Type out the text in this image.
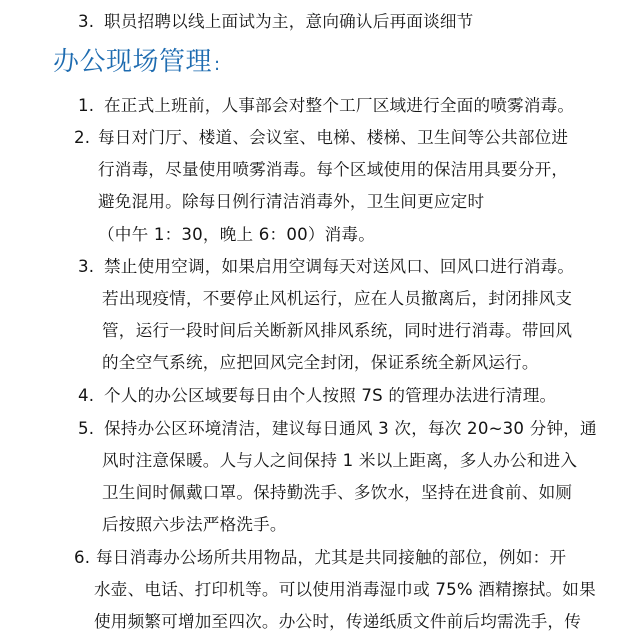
3. 职员招聘以线上面试为主，意向确认后再面谈细节
办公现场管理 :
1. 在正式上班前，人事部会对整个工厂区域进行全面的喷雾消毒。
2. 每日对门厅、楼道、会议室、电梯、楼梯、卫生间等公共部位进
行消毒，尽量使用喷雾消毒。每个区域使用的保洁用具要分开，
避免混用。除每日例行清洁消毒外，卫生间更应定时
（中午 1：30，晚上 6：00）消毒。
3. 禁止使用空调，如果启用空调每天对送风口、回风口进行消毒。
若出现疫情，不要停止风机运行，应在人员撤离后，封闭排风支
管，运行一段时间后关断新风排风系统，同时进行消毒。带回风
的全空气系统，应把回风完全封闭，保证系统全新风运行。
4. 个人的办公区域要每日由个人按照 7S 的管理办法进行清理。
5. 保持办公区环境清洁，建议每日通风 3 次，每次 20~30 分钟，通
风时注意保暖。人与人之间保持 1 米以上距离，多人办公和进入
卫生间时佩戴口罩。保持勤洗手、多饮水，坚持在进食前、如厕
后按照六步法严格洗手。
6. 每日消毒办公场所共用物品，尤其是共同接触的部位，例如：开
水壶、电话、打印机等。可以使用消毒湿巾或 75% 酒精擦拭。如果
使用频繁可增加至四次。办公时，传递纸质文件前后均需洗手，传
